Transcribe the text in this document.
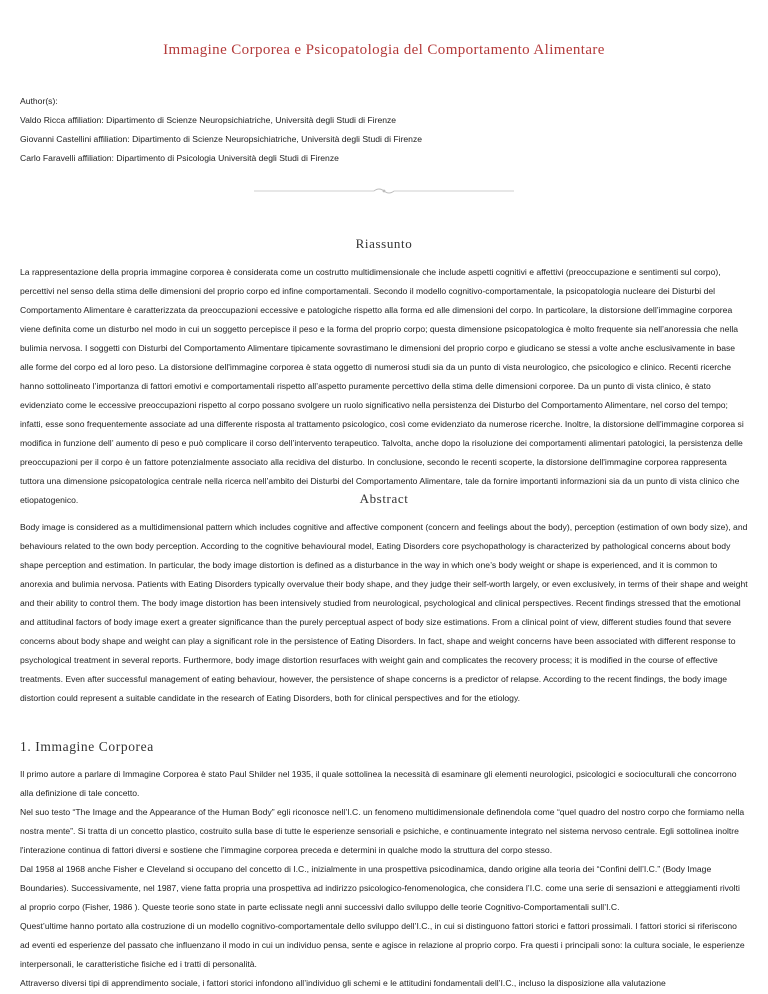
Immagine Corporea e Psicopatologia del Comportamento Alimentare
Author(s):
Valdo Ricca affiliation: Dipartimento di Scienze Neuropsichiatriche, Università degli Studi di Firenze
Giovanni Castellini affiliation: Dipartimento di Scienze Neuropsichiatriche, Università degli Studi di Firenze
Carlo Faravelli affiliation: Dipartimento di Psicologia Università degli Studi di Firenze
Riassunto
La rappresentazione della propria immagine corporea è considerata come un costrutto multidimensionale che include aspetti cognitivi e affettivi (preoccupazione e sentimenti sul corpo), percettivi nel senso della stima delle dimensioni del proprio corpo ed infine comportamentali. Secondo il modello cognitivo-comportamentale, la psicopatologia nucleare dei Disturbi del Comportamento Alimentare è caratterizzata da preoccupazioni eccessive e patologiche rispetto alla forma ed alle dimensioni del corpo. In particolare, la distorsione dell’immagine corporea viene definita come un disturbo nel modo in cui un soggetto percepisce il peso e la forma del proprio corpo; questa dimensione psicopatologica è molto frequente sia nell’anoressia che nella bulimia nervosa. I soggetti con Disturbi del Comportamento Alimentare tipicamente sovrastimano le dimensioni del proprio corpo e giudicano se stessi a volte anche esclusivamente in base alle forme del corpo ed al loro peso. La distorsione dell'immagine corporea è stata oggetto di numerosi studi sia da un punto di vista neurologico, che psicologico e clinico. Recenti ricerche hanno sottolineato l’importanza di fattori emotivi e comportamentali rispetto all’aspetto puramente percettivo della stima delle dimensioni corporee. Da un punto di vista clinico, è stato evidenziato come le eccessive preoccupazioni rispetto al corpo possano svolgere un ruolo significativo nella persistenza dei Disturbo del Comportamento Alimentare, nel corso del tempo; infatti, esse sono frequentemente associate ad una differente risposta al trattamento psicologico, così come evidenziato da numerose ricerche. Inoltre, la distorsione dell'immagine corporea si modifica in funzione dell’ aumento di peso e può complicare il corso dell’intervento terapeutico. Talvolta, anche dopo la risoluzione dei comportamenti alimentari patologici, la persistenza delle preoccupazioni per il corpo è un fattore potenzialmente associato alla recidiva del disturbo. In conclusione, secondo le recenti scoperte, la distorsione dell'immagine corporea rappresenta tuttora una dimensione psicopatologica centrale nella ricerca nell’ambito dei Disturbi del Comportamento Alimentare, tale da fornire importanti informazioni sia da un punto di vista clinico che etiopatogenico.	Abstract
Body image is considered as a multidimensional pattern which includes cognitive and affective component (concern and feelings about the body), perception (estimation of own body size), and behaviours related to the own body perception. According to the cognitive behavioural model, Eating Disorders core psychopathology is characterized by pathological concerns about body shape perception and estimation. In particular, the body image distortion is defined as a disturbance in the way in which one’s body weight or shape is experienced, and it is common to anorexia and bulimia nervosa. Patients with Eating Disorders typically overvalue their body shape, and they judge their self-worth largely, or even exclusively, in terms of their shape and weight and their ability to control them. The body image distortion has been intensively studied from neurological, psychological and clinical perspectives. Recent findings stressed that the emotional and attitudinal factors of body image exert a greater significance than the purely perceptual aspect of body size estimations. From a clinical point of view, different studies found that severe concerns about body shape and weight can play a significant role in the persistence of Eating Disorders. In fact, shape and weight concerns have been associated with different response to psychological treatment in several reports. Furthermore, body image distortion resurfaces with weight gain and complicates the recovery process; it is modified in the course of effective treatments. Even after successful management of eating behaviour, however, the persistence of shape concerns is a predictor of relapse. According to the recent findings, the body image distortion could represent a suitable candidate in the research of Eating Disorders, both for clinical perspectives and for the etiology.
1. Immagine Corporea

Il primo autore a parlare di Immagine Corporea è stato Paul Shilder nel 1935, il quale sottolinea la necessità di esaminare gli elementi neurologici, psicologici e socioculturali che concorrono alla definizione di tale concetto.

Nel suo testo “The Image and the Appearance of the Human Body” egli riconosce nell’I.C. un fenomeno multidimensionale definendola come “quel quadro del nostro corpo che formiamo nella nostra mente”. Si tratta di un concetto plastico, costruito sulla base di tutte le esperienze sensoriali e psichiche, e continuamente integrato nel sistema nervoso centrale. Egli sottolinea inoltre l'interazione continua di fattori diversi e sostiene che l'immagine corporea preceda e determini in qualche modo la struttura del corpo stesso.

Dal 1958 al 1968 anche Fisher e Cleveland si occupano del concetto di I.C., inizialmente in una prospettiva psicodinamica, dando origine alla teoria dei “Confini dell’I.C.” (Body Image Boundaries). Successivamente, nel 1987, viene fatta propria una prospettiva ad indirizzo psicologico-fenomenologica, che considera l’I.C. come una serie di sensazioni e atteggiamenti rivolti al proprio corpo (Fisher, 1986 ). Queste teorie sono state in parte eclissate negli anni successivi dallo sviluppo delle teorie Cognitivo-Comportamentali sull’I.C.

Quest’ultime hanno portato alla costruzione di un modello cognitivo-comportamentale dello sviluppo dell’I.C., in cui si distinguono fattori storici e fattori prossimali. I fattori storici si riferiscono ad eventi ed esperienze del passato che influenzano il modo in cui un individuo pensa, sente e agisce in relazione al proprio corpo. Fra questi i principali sono: la cultura sociale, le esperienze interpersonali, le caratteristiche fisiche ed i tratti di personalità.

Attraverso diversi tipi di apprendimento sociale, i fattori storici infondono all’individuo gli schemi e le attitudini fondamentali dell’I.C., incluso la disposizione alla valutazione
